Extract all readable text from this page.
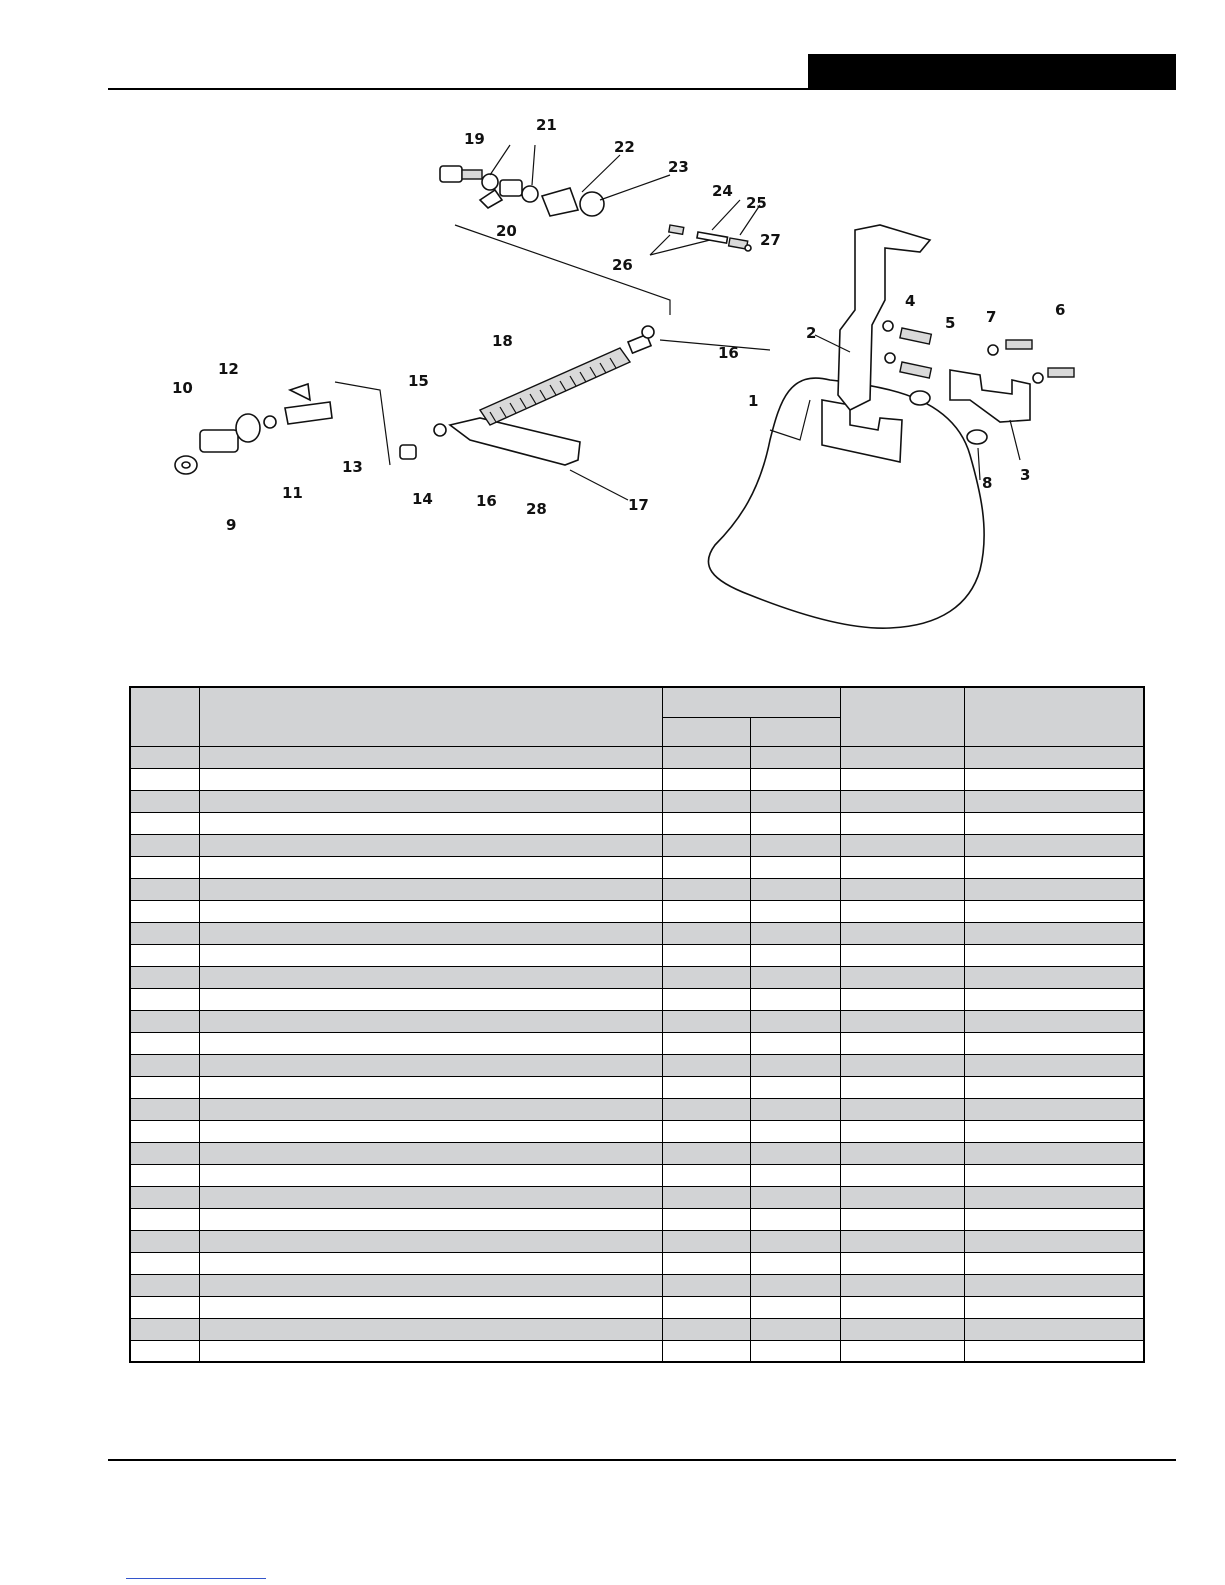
1
2
3
4
5
6
7
8
9
10
11
12
13
14
15
16
16	17
18
19
20
21
22
23
24
25
26
27
28
